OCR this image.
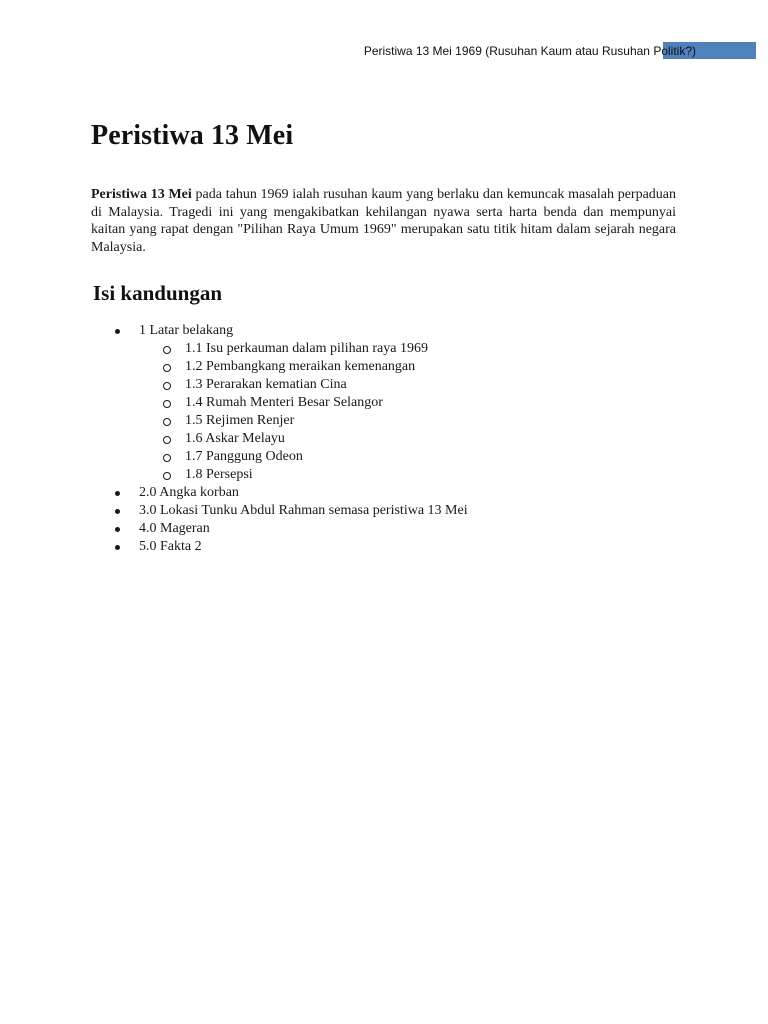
Peristiwa 13 Mei 1969 (Rusuhan Kaum atau Rusuhan Politik?)
Peristiwa 13 Mei

Peristiwa 13 Mei pada tahun 1969 ialah rusuhan kaum yang berlaku dan kemuncak masalah perpaduan di Malaysia. Tragedi ini yang mengakibatkan kehilangan nyawa serta harta benda dan mempunyai kaitan yang rapat dengan "Pilihan Raya Umum 1969" merupakan satu titik hitam dalam sejarah negara Malaysia.

Isi kandungan
1 Latar belakang
1.1 Isu perkauman dalam pilihan raya 1969
1.2 Pembangkang meraikan kemenangan
1.3 Perarakan kematian Cina
1.4 Rumah Menteri Besar Selangor
1.5 Rejimen Renjer
1.6 Askar Melayu
1.7 Panggung Odeon
1.8 Persepsi
2.0 Angka korban
3.0 Lokasi Tunku Abdul Rahman semasa peristiwa 13 Mei
4.0 Mageran
5.0 Fakta 2
